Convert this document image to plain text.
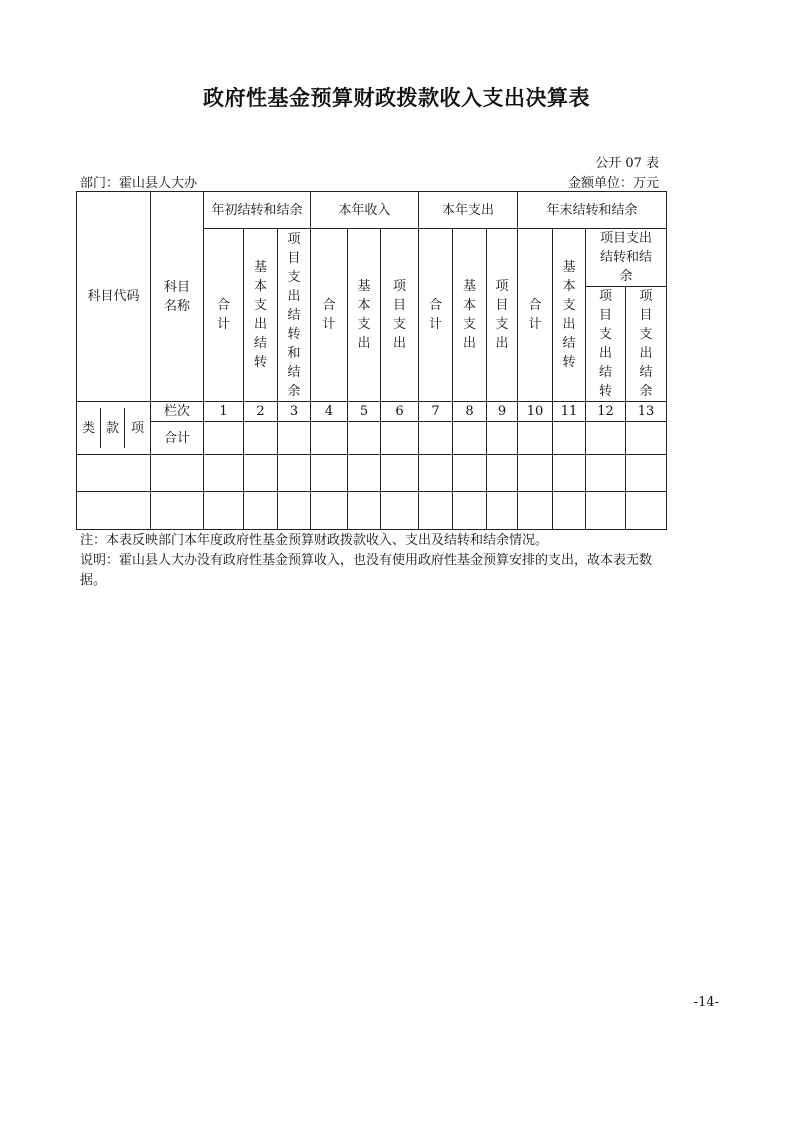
政府性基金预算财政拨款收入支出决算表
公开 07 表
部门：霍山县人大办	金额单位：万元
科目代码	科目名称	年初结转和结余			本年收入			本年支出			年末结转和结余			
		合计	基本支出结转	项目支出结转和结余	合计	基本支出	项目支出	合计	基本支出	项目支出	合计	基本支出结转	项目支出结转和结余	
													项目支出结转	项目支出结余

类 款 项	栏次	1	2	3	4	5	6	7	8	9	10	11	12	13
	合计													

注：本表反映部门本年度政府性基金预算财政拨款收入、支出及结转和结余情况。
说明：霍山县人大办没有政府性基金预算收入，也没有使用政府性基金预算安排的支出，故本表无数据。
-14-
